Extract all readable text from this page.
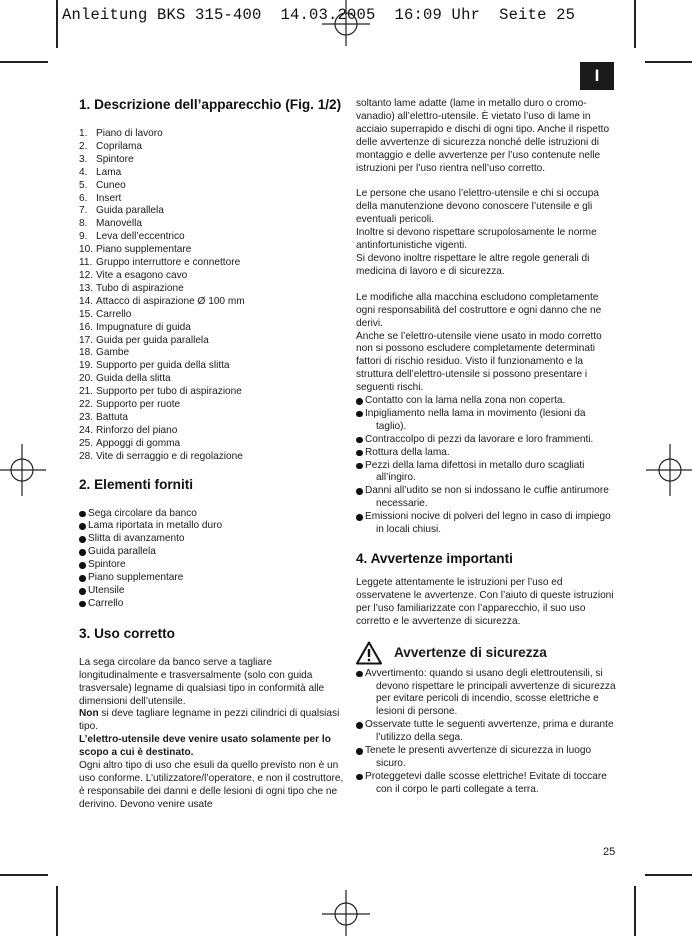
Anleitung BKS 315-400  14.03.2005  16:09 Uhr  Seite 25
I
1. Descrizione dell’apparecchio (Fig. 1/2)
1. Piano di lavoro
2. Coprilama
3. Spintore
4. Lama
5. Cuneo
6. Insert
7. Guida parallela
8. Manovella
9. Leva dell’eccentrico
10. Piano supplementare
11. Gruppo interruttore e connettore
12. Vite a esagono cavo
13. Tubo di aspirazione
14. Attacco di aspirazione Ø 100 mm
15. Carrello
16. Impugnature di guida
17. Guida per guida parallela
18. Gambe
19. Supporto per guida della slitta
20. Guida della slitta
21. Supporto per tubo di aspirazione
22. Supporto per ruote
23. Battuta
24. Rinforzo del piano
25. Appoggi di gomma
28. Vite di serraggio e di regolazione
2. Elementi forniti
Sega circolare da banco
Lama riportata in metallo duro
Slitta di avanzamento
Guida parallela
Spintore
Piano supplementare
Utensile
Carrello
3. Uso corretto

La sega circolare da banco serve a tagliare longitudinalmente e trasversalmente (solo con guida trasversale) legname di qualsiasi tipo in conformità alle dimensioni dell’utensile.

Non si deve tagliare legname in pezzi cilindrici di qualsiasi tipo.

L’elettro-utensile deve venire usato solamente per lo scopo a cui è destinato.

Ogni altro tipo di uso che esuli da quello previsto non è un uso conforme. L’utilizzatore/l’operatore, e non il costruttore, è responsabile dei danni e delle lesioni di ogni tipo che ne derivino. Devono venire usate

soltanto lame adatte (lame in metallo duro o cromo-vanadio) all’elettro-utensile. È vietato l’uso di lame in acciaio superrapido e dischi di ogni tipo. Anche il rispetto delle avvertenze di sicurezza nonché delle istruzioni di montaggio e delle avvertenze per l’uso contenute nelle istruzioni per l’uso rientra nell’uso corretto.

Le persone che usano l’elettro-utensile e chi si occupa della manutenzione devono conoscere l’utensile e gli eventuali pericoli.

Inoltre si devono rispettare scrupolosamente le norme antinfortunistiche vigenti.

Si devono inoltre rispettare le altre regole generali di medicina di lavoro e di sicurezza.

Le modifiche alla macchina escludono completamente ogni responsabilità del costruttore e ogni danno che ne derivi.

Anche se l’elettro-utensile viene usato in modo corretto non si possono escludere completamente determinati fattori di rischio residuo. Visto il funzionamento e la struttura dell’elettro-utensile si possono presentare i seguenti rischi.

Contatto con la lama nella zona non coperta.
Inpigliamento nella lama in movimento (lesioni da taglio).
Contraccolpo di pezzi da lavorare e loro frammenti.
Rottura della lama.
Pezzi della lama difettosi in metallo duro scagliati all’ingiro.
Danni all’udito se non si indossano le cuffie antirumore necessarie.
Emissioni nocive di polveri del legno in caso di impiego in locali chiusi.
4. Avvertenze importanti

Leggete attentamente le istruzioni per l’uso ed osservatene le avvertenze. Con l’aiuto di queste istruzioni per l’uso familiarizzate con l’apparecchio, il suo uso corretto e le avvertenze di sicurezza.

Avvertenze di sicurezza
Avvertimento: quando si usano degli elettroutensili, si devono rispettare le principali avvertenze di sicurezza per evitare pericoli di incendio, scosse elettriche e lesioni di persone.
Osservate tutte le seguenti avvertenze, prima e durante l’utilizzo della sega.
Tenete le presenti avvertenze di sicurezza in luogo sicuro.
Proteggetevi dalle scosse elettriche! Evitate di toccare con il corpo le parti collegate a terra.
25
